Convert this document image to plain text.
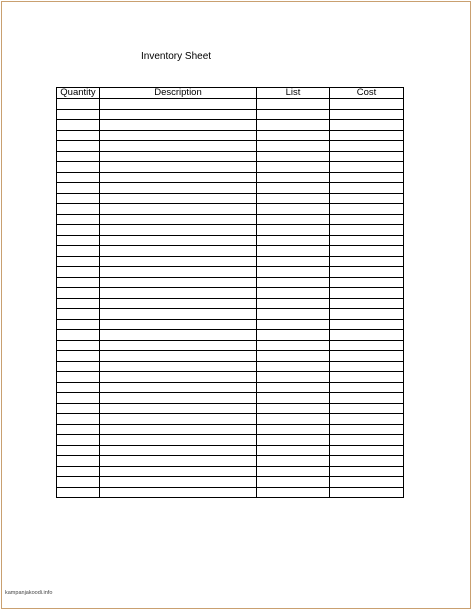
Inventory Sheet
Quantity	Description	List	Cost

kampanjakoodi.info
